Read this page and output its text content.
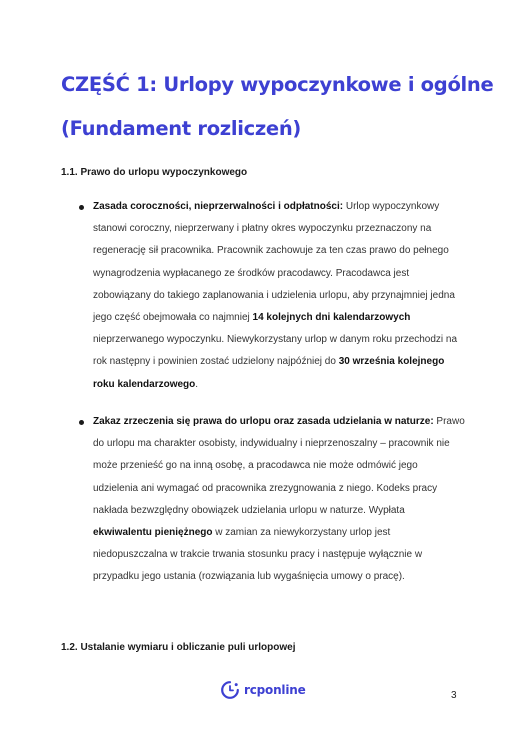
CZĘŚĆ 1: Urlopy wypoczynkowe i ogólne
(Fundament rozliczeń)
1.1. Prawo do urlopu wypoczynkowego
Zasada coroczności, nieprzerwalności i odpłatności: Urlop wypoczynkowy stanowi coroczny, nieprzerwany i płatny okres wypoczynku przeznaczony na regenerację sił pracownika. Pracownik zachowuje za ten czas prawo do pełnego wynagrodzenia wypłacanego ze środków pracodawcy. Pracodawca jest zobowiązany do takiego zaplanowania i udzielenia urlopu, aby przynajmniej jedna jego część obejmowała co najmniej 14 kolejnych dni kalendarzowych nieprzerwanego wypoczynku. Niewykorzystany urlop w danym roku przechodzi na rok następny i powinien zostać udzielony najpóźniej do 30 września kolejnego roku kalendarzowego.
Zakaz zrzeczenia się prawa do urlopu oraz zasada udzielania w naturze: Prawo do urlopu ma charakter osobisty, indywidualny i nieprzenoszalny – pracownik nie może przenieść go na inną osobę, a pracodawca nie może odmówić jego udzielenia ani wymagać od pracownika zrezygnowania z niego. Kodeks pracy nakłada bezwzględny obowiązek udzielania urlopu w naturze. Wypłata ekwiwalentu pieniężnego w zamian za niewykorzystany urlop jest niedopuszczalna w trakcie trwania stosunku pracy i następuje wyłącznie w przypadku jego ustania (rozwiązania lub wygaśnięcia umowy o pracę).
1.2. Ustalanie wymiaru i obliczanie puli urlopowej
rcponline	3
